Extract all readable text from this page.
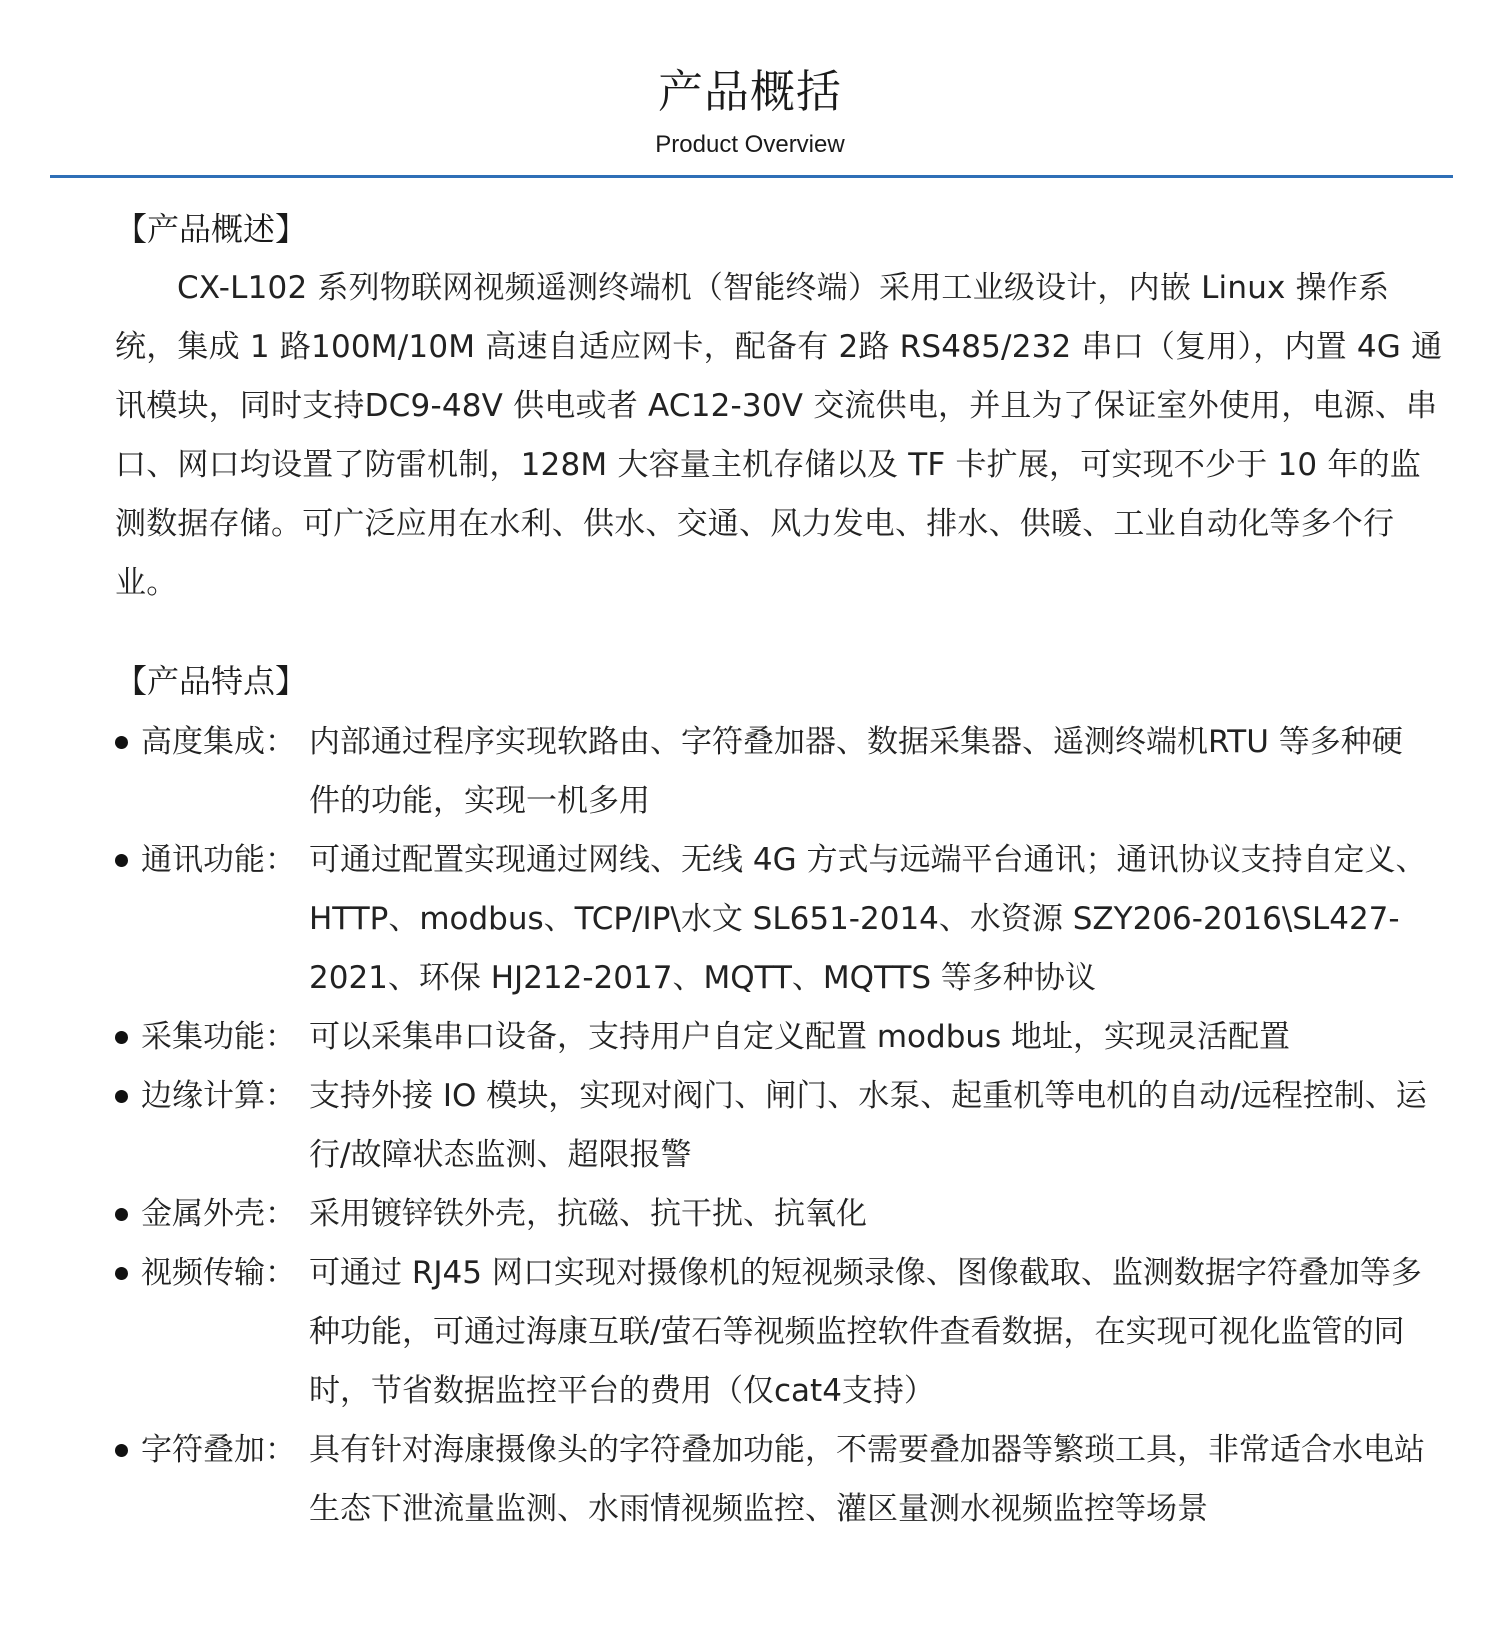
产品概括
Product Overview
【产品概述】

CX-L102 系列物联网视频遥测终端机（智能终端）采用工业级设计，内嵌 Linux 操作系统，集成 1 路100M/10M 高速自适应网卡，配备有 2路 RS485/232 串口（复用），内置 4G 通讯模块，同时支持DC9-48V 供电或者 AC12-30V 交流供电，并且为了保证室外使用，电源、串口、网口均设置了防雷机制，128M 大容量主机存储以及 TF 卡扩展，可实现不少于 10 年的监测数据存储。可广泛应用在水利、供水、交通、风力发电、排水、供暖、工业自动化等多个行业。

【产品特点】
高度集成： 内部通过程序实现软路由、字符叠加器、数据采集器、遥测终端机RTU 等多种硬件的功能，实现一机多用
通讯功能： 可通过配置实现通过网线、无线 4G 方式与远端平台通讯；通讯协议支持自定义、HTTP、modbus、TCP/IP\水文 SL651-2014、水资源 SZY206-2016\SL427-2021、环保 HJ212-2017、MQTT、MQTTS 等多种协议
采集功能： 可以采集串口设备，支持用户自定义配置 modbus 地址，实现灵活配置
边缘计算： 支持外接 IO 模块，实现对阀门、闸门、水泵、起重机等电机的自动/远程控制、运行/故障状态监测、超限报警
金属外壳： 采用镀锌铁外壳，抗磁、抗干扰、抗氧化
视频传输： 可通过 RJ45 网口实现对摄像机的短视频录像、图像截取、监测数据字符叠加等多种功能，可通过海康互联/萤石等视频监控软件查看数据，在实现可视化监管的同时，节省数据监控平台的费用（仅cat4支持）
字符叠加： 具有针对海康摄像头的字符叠加功能，不需要叠加器等繁琐工具，非常适合水电站生态下泄流量监测、水雨情视频监控、灌区量测水视频监控等场景
